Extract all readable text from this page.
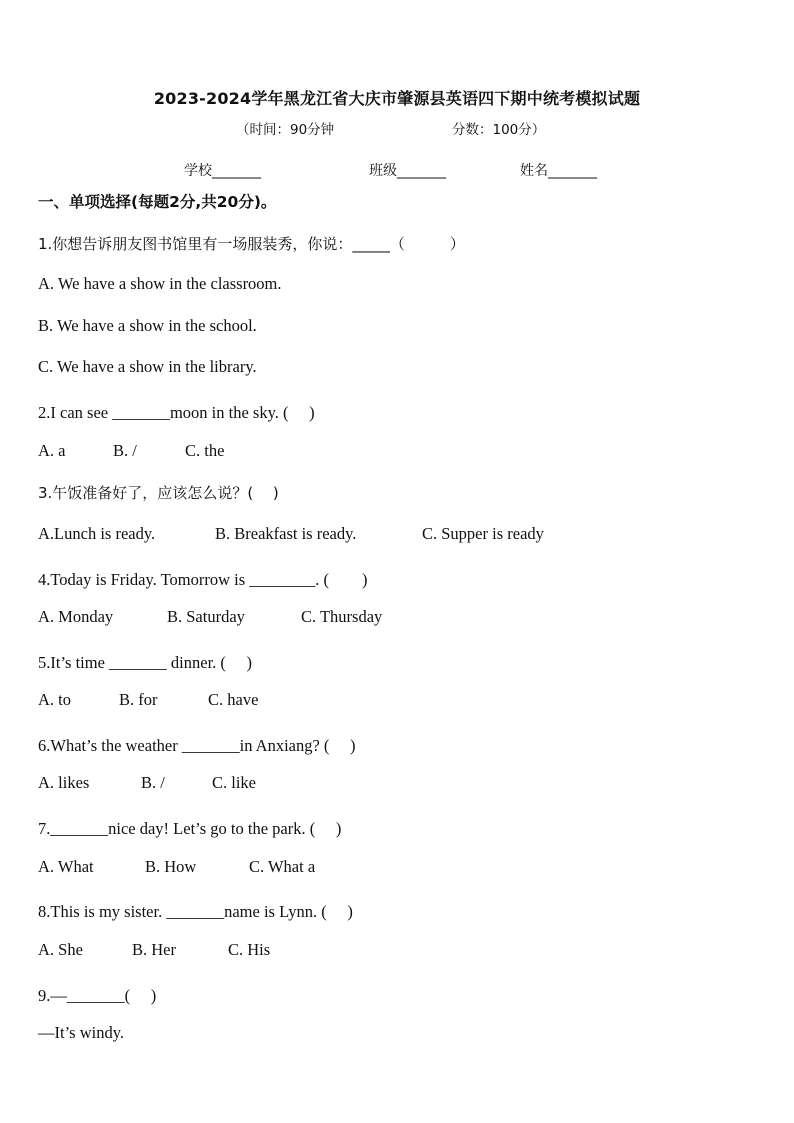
2023-2024学年黑龙江省大庆市肇源县英语四下期中统考模拟试题
（时间：90分钟	分数：100分）
学校_______	班级_______	姓名_______
一、单项选择(每题2分,共20分)。
1.你想告诉朋友图书馆里有一场服装秀，你说：_____（　　　）
A. We have a show in the classroom.
B. We have a show in the school.
C. We have a show in the library.
2.I can see _______moon in the sky. (　 )
A. a	B. /	C. the
3.午饭准备好了，应该怎么说？(　 )
A.Lunch is ready.	B. Breakfast is ready.	C. Supper is ready
4.Today is Friday. Tomorrow is ________. (　　)
A. Monday	B. Saturday	C. Thursday
5.It’s time _______ dinner. (　 )
A. to	B. for	C. have
6.What’s the weather _______in Anxiang? (　 )
A. likes	B. /	C. like
7._______nice day! Let’s go to the park. (　 )
A. What	B. How	C. What a
8.This is my sister. _______name is Lynn. (　 )
A. She	B. Her	C. His
9.—_______(　 )
—It’s windy.
